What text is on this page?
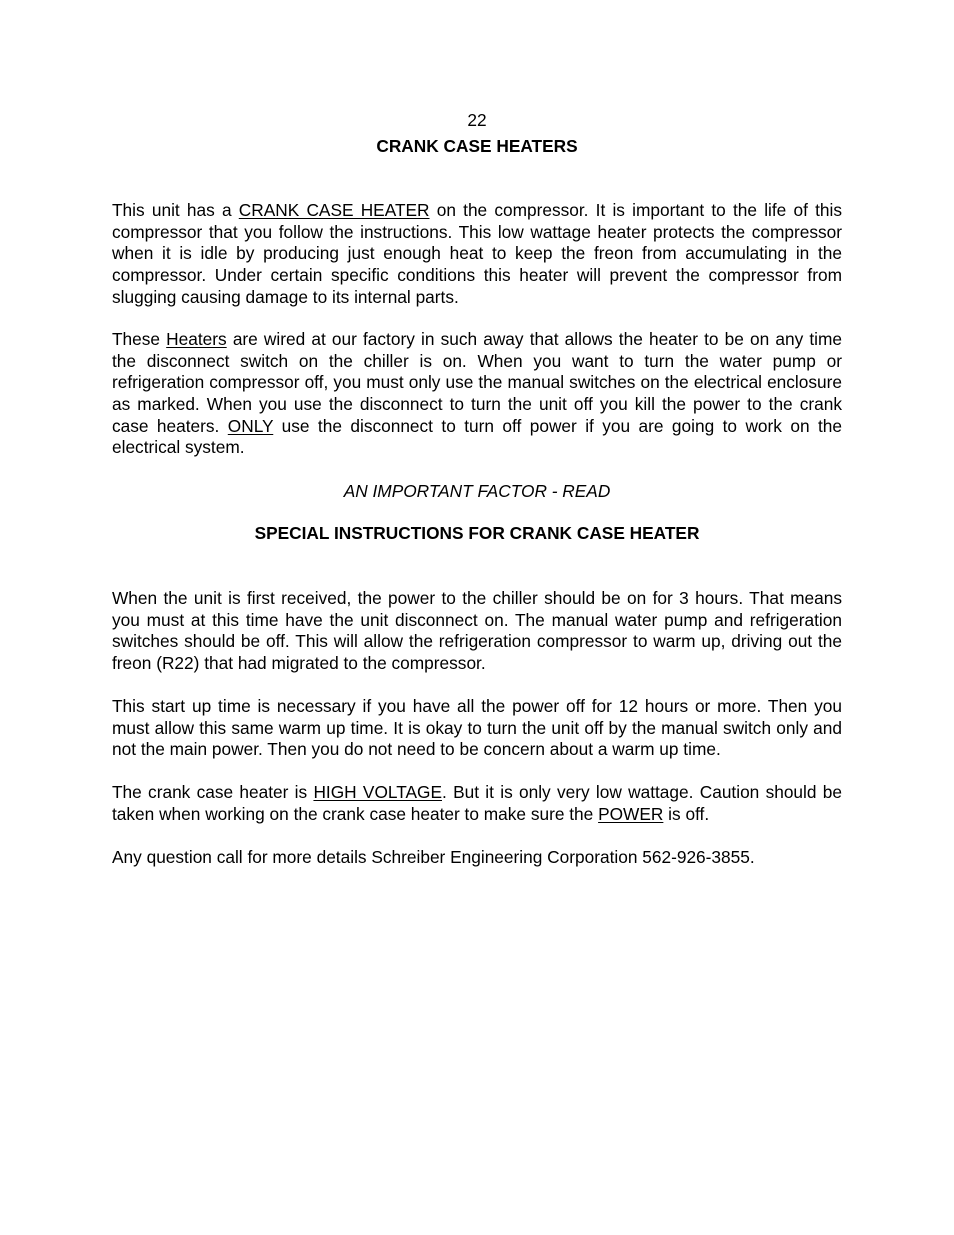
22

CRANK CASE HEATERS

This unit has a CRANK CASE HEATER on the compressor. It is important to the life of this compressor that you follow the instructions. This low wattage heater protects the compressor when it is idle by producing just enough heat to keep the freon from accumulating in the compressor. Under certain specific conditions this heater will prevent the compressor from slugging causing damage to its internal parts.

These Heaters are wired at our factory in such away that allows the heater to be on any time the disconnect switch on the chiller is on. When you want to turn the water pump or refrigeration compressor off, you must only use the manual switches on the electrical enclosure as marked. When you use the disconnect to turn the unit off you kill the power to the crank case heaters. ONLY use the disconnect to turn off power if you are going to work on the electrical system.

AN IMPORTANT FACTOR - READ

SPECIAL INSTRUCTIONS FOR CRANK CASE HEATER

When the unit is first received, the power to the chiller should be on for 3 hours. That means you must at this time have the unit disconnect on. The manual water pump and refrigeration switches should be off. This will allow the refrigeration compressor to warm up, driving out the freon (R22) that had migrated to the compressor.

This start up time is necessary if you have all the power off for 12 hours or more. Then you must allow this same warm up time. It is okay to turn the unit off by the manual switch only and not the main power. Then you do not need to be concern about a warm up time.

The crank case heater is HIGH VOLTAGE. But it is only very low wattage. Caution should be taken when working on the crank case heater to make sure the POWER is off.

Any question call for more details Schreiber Engineering Corporation 562-926-3855.
